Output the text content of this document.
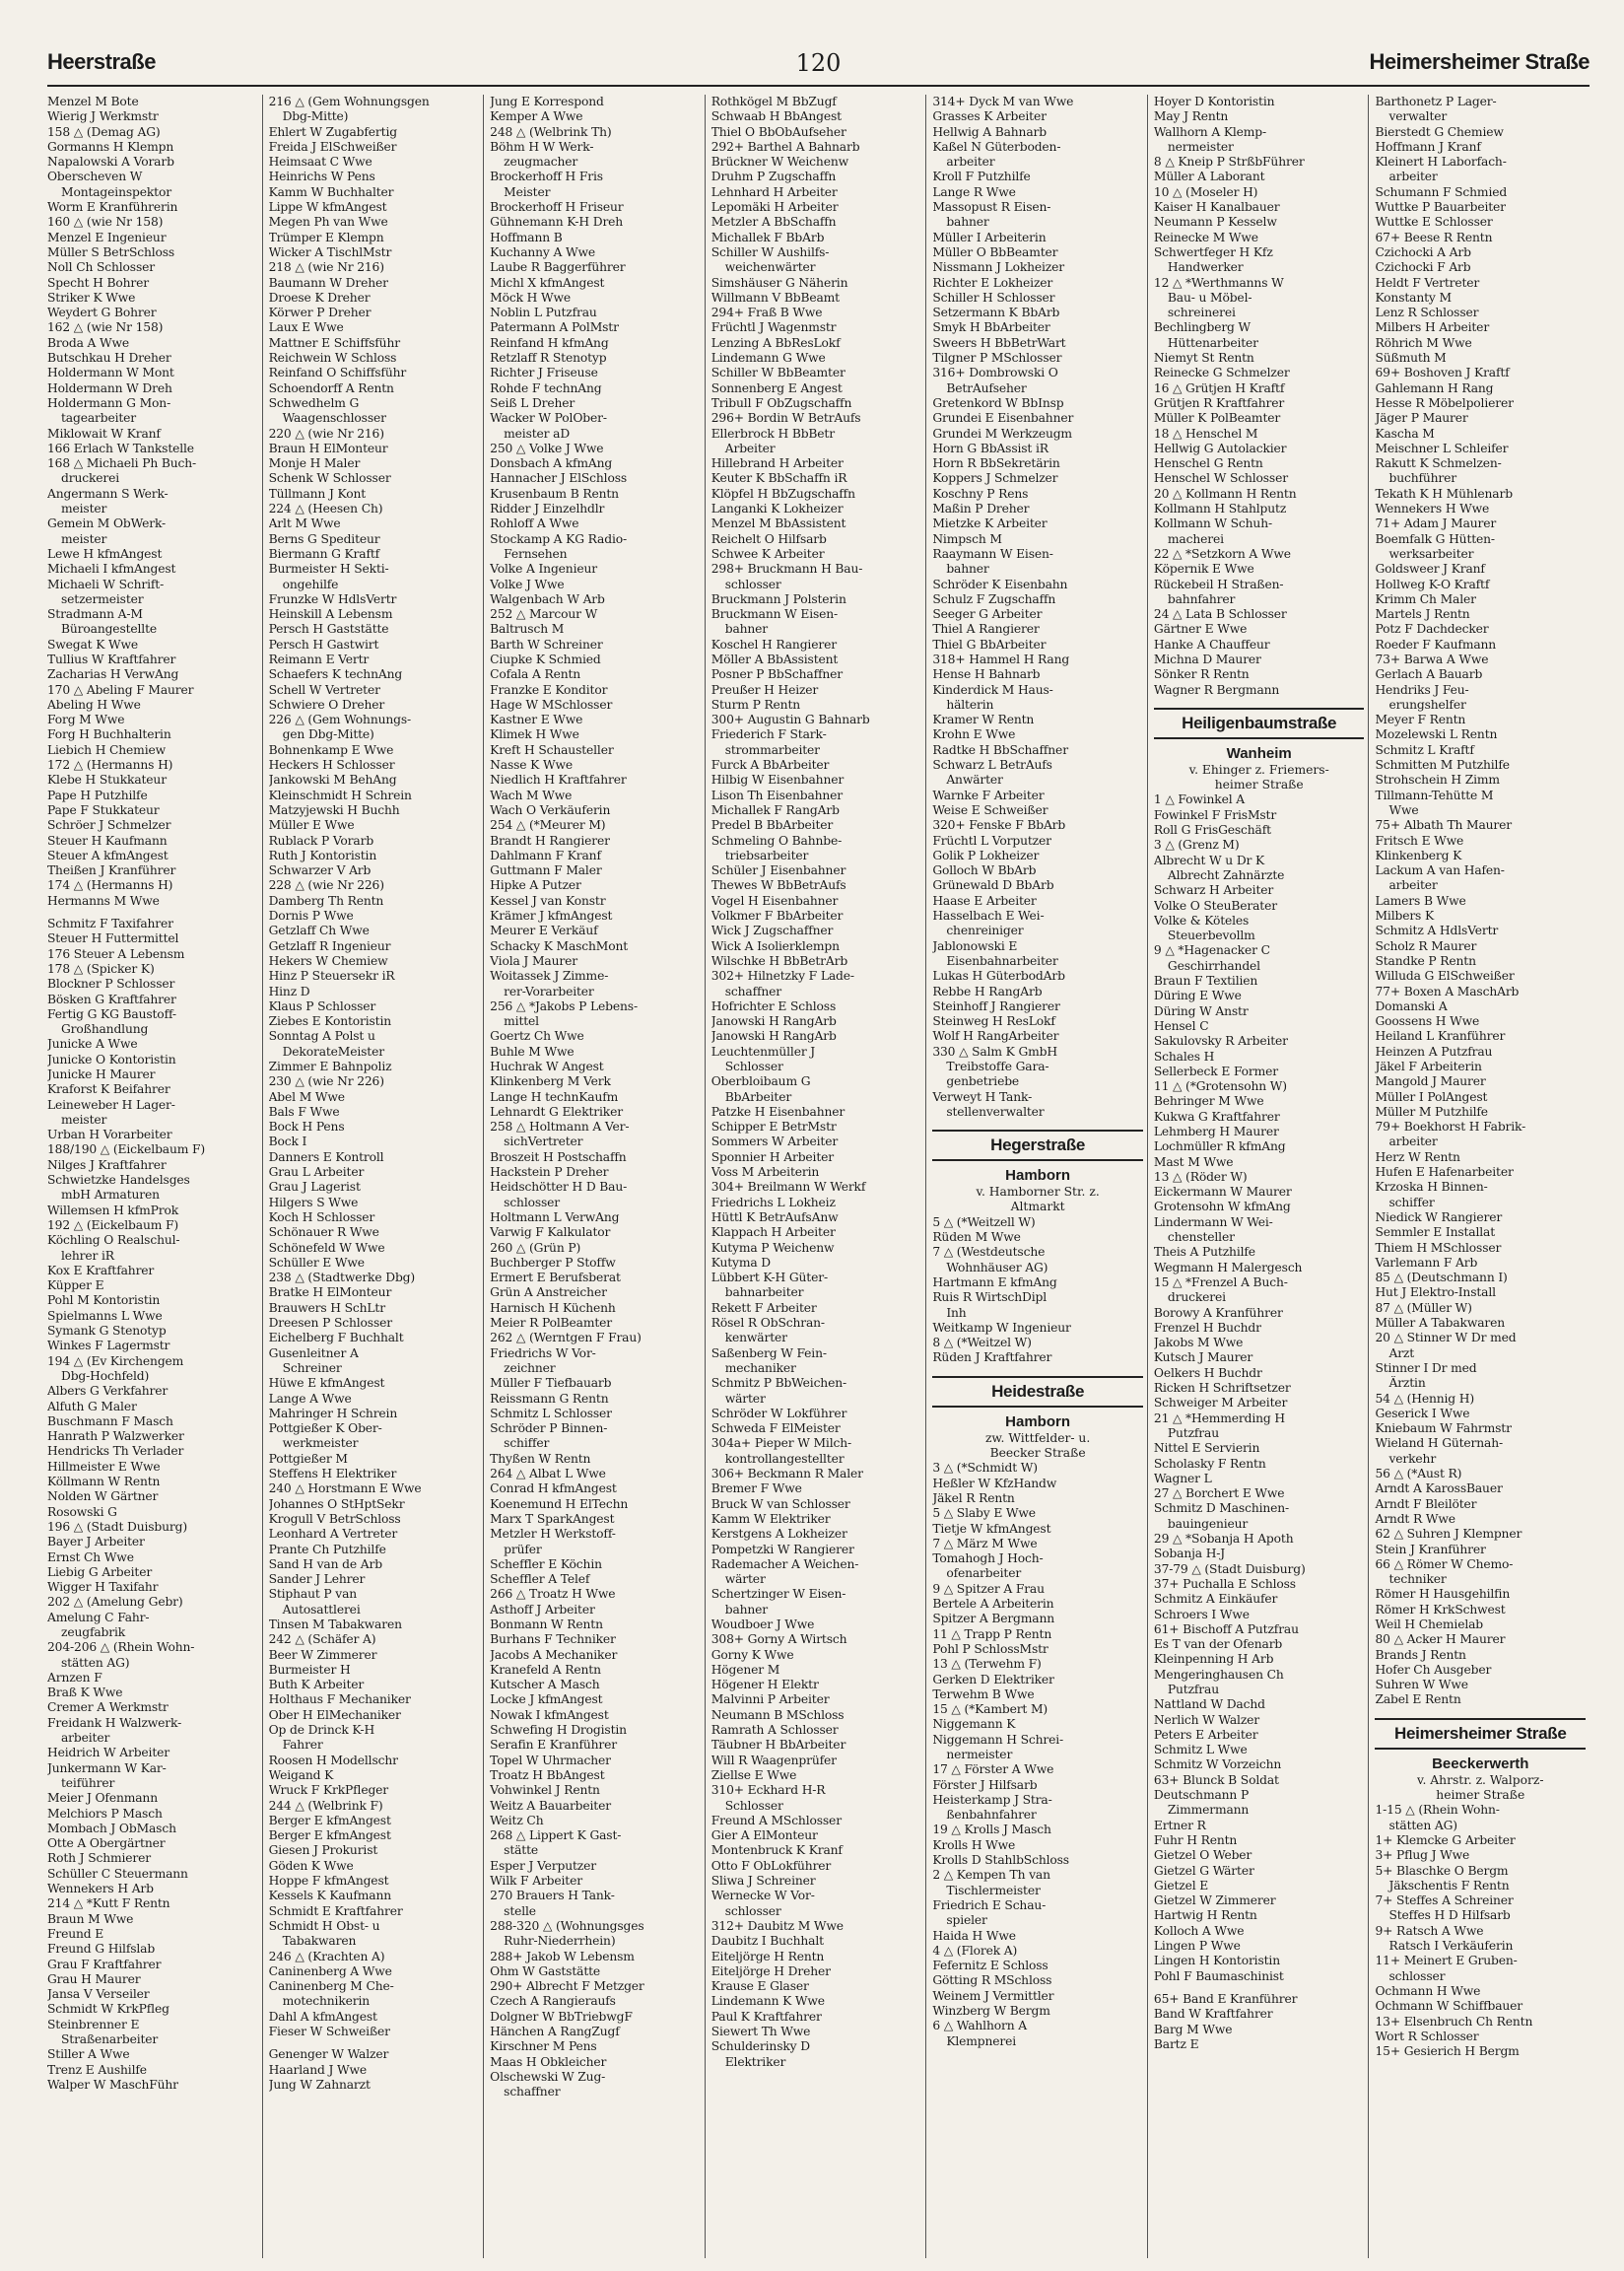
Heerstraße	120	Heimersheimer Straße
Menzel M Bote
Wierig J Werkmstr
158 △ (Demag AG)
Gormanns H Klempn
Napalowski A Vorarb
Oberscheven W
Montageinspektor
Worm E Kranführerin
160 △ (wie Nr 158)
Menzel E Ingenieur
Müller S BetrSchloss
Noll Ch Schlosser
Specht H Bohrer
Striker K Wwe
Weydert G Bohrer
162 △ (wie Nr 158)
Broda A Wwe
Butschkau H Dreher
Holdermann W Mont
Holdermann W Dreh
Holdermann G Mon-
tagearbeiter
Miklowait W Kranf
166 Erlach W Tankstelle
168 △ Michaeli Ph Buch-
druckerei
Angermann S Werk-
meister
Gemein M ObWerk-
meister
Lewe H kfmAngest
Michaeli I kfmAngest
Michaeli W Schrift-
setzermeister
Stradmann A-M
Büroangestellte
Swegat K Wwe
Tullius W Kraftfahrer
Zacharias H VerwAng
170 △ Abeling F Maurer
Abeling H Wwe
Forg M Wwe
Forg H Buchhalterin
Liebich H Chemiew
172 △ (Hermanns H)
Klebe H Stukkateur
Pape H Putzhilfe
Pape F Stukkateur
Schröer J Schmelzer
Steuer H Kaufmann
Steuer A kfmAngest
Theißen J Kranführer
174 △ (Hermanns H)
Hermanns M Wwe
Schmitz F Taxifahrer
Steuer H Futtermittel
176 Steuer A Lebensm
178 △ (Spicker K)
Blockner P Schlosser
Bösken G Kraftfahrer
Fertig G KG Baustoff-
Großhandlung
Junicke A Wwe
Junicke O Kontoristin
Junicke H Maurer
Kraforst K Beifahrer
Leineweber H Lager-
meister
Urban H Vorarbeiter
188/190 △ (Eickelbaum F)
Nilges J Kraftfahrer
Schwietzke Handelsges
mbH Armaturen
Willemsen H kfmProk
192 △ (Eickelbaum F)
Köchling O Realschul-
lehrer iR
Kox E Kraftfahrer
Küpper E
Pohl M Kontoristin
Spielmanns L Wwe
Symank G Stenotyp
Winkes F Lagermstr
194 △ (Ev Kirchengem
Dbg-Hochfeld)
Albers G Verkfahrer
Alfuth G Maler
Buschmann F Masch
Hanrath P Walzwerker
Hendricks Th Verlader
Hillmeister E Wwe
Köllmann W Rentn
Nolden W Gärtner
Rosowski G
196 △ (Stadt Duisburg)
Bayer J Arbeiter
Ernst Ch Wwe
Liebig G Arbeiter
Wigger H Taxifahr
202 △ (Amelung Gebr)
Amelung C Fahr-
zeugfabrik
204-206 △ (Rhein Wohn-
stätten AG)
Arnzen F
Braß K Wwe
Cremer A Werkmstr
Freidank H Walzwerk-
arbeiter
Heidrich W Arbeiter
Junkermann W Kar-
teiführer
Meier J Ofenmann
Melchiors P Masch
Mombach J ObMasch
Otte A Obergärtner
Roth J Schmierer
Schüller C Steuermann
Wennekers H Arb
214 △ *Kutt F Rentn
Braun M Wwe
Freund E
Freund G Hilfslab
Grau F Kraftfahrer
Grau H Maurer
Jansa V Verseiler
Schmidt W KrkPfleg
Steinbrenner E
Straßenarbeiter
Stiller A Wwe
Trenz E Aushilfe
Walper W MaschFühr
216 △ (Gem Wohnungsgen
Dbg-Mitte)
Ehlert W Zugabfertig
Freida J ElSchweißer
Heimsaat C Wwe
Heinrichs W Pens
Kamm W Buchhalter
Lippe W kfmAngest
Megen Ph van Wwe
Trümper E Klempn
Wicker A TischlMstr
218 △ (wie Nr 216)
Baumann W Dreher
Droese K Dreher
Körwer P Dreher
Laux E Wwe
Mattner E Schiffsführ
Reichwein W Schloss
Reinfand O Schiffsführ
Schoendorff A Rentn
Schwedhelm G
Waagenschlosser
220 △ (wie Nr 216)
Braun H ElMonteur
Monje H Maler
Schenk W Schlosser
Tüllmann J Kont
224 △ (Heesen Ch)
Arlt M Wwe
Berns G Spediteur
Biermann G Kraftf
Burmeister H Sekti-
ongehilfe
Frunzke W HdlsVertr
Heinskill A Lebensm
Persch H Gaststätte
Persch H Gastwirt
Reimann E Vertr
Schaefers K technAng
Schell W Vertreter
Schwiere O Dreher
226 △ (Gem Wohnungs-
gen Dbg-Mitte)
Bohnenkamp E Wwe
Heckers H Schlosser
Jankowski M BehAng
Kleinschmidt H Schrein
Matzyjewski H Buchh
Müller E Wwe
Rublack P Vorarb
Ruth J Kontoristin
Schwarzer V Arb
228 △ (wie Nr 226)
Damberg Th Rentn
Dornis P Wwe
Getzlaff Ch Wwe
Getzlaff R Ingenieur
Hekers W Chemiew
Hinz P Steuersekr iR
Hinz D
Klaus P Schlosser
Ziebes E Kontoristin
Sonntag A Polst u
DekorateMeister
Zimmer E Bahnpoliz
230 △ (wie Nr 226)
Abel M Wwe
Bals F Wwe
Bock H Pens
Bock I
Danners E Kontroll
Grau L Arbeiter
Grau J Lagerist
Hilgers S Wwe
Koch H Schlosser
Schönauer R Wwe
Schönefeld W Wwe
Schüller E Wwe
238 △ (Stadtwerke Dbg)
Bratke H ElMonteur
Brauwers H SchLtr
Dreesen P Schlosser
Eichelberg F Buchhalt
Gusenleitner A
Schreiner
Hüwe E kfmAngest
Lange A Wwe
Mahringer H Schrein
Pottgießer K Ober-
werkmeister
Pottgießer M
Steffens H Elektriker
240 △ Horstmann E Wwe
Johannes O StHptSekr
Krogull V BetrSchloss
Leonhard A Vertreter
Prante Ch Putzhilfe
Sand H van de Arb
Sander J Lehrer
Stiphaut P van
Autosattlerei
Tinsen M Tabakwaren
242 △ (Schäfer A)
Beer W Zimmerer
Burmeister H
Buth K Arbeiter
Holthaus F Mechaniker
Ober H ElMechaniker
Op de Drinck K-H
Fahrer
Roosen H Modellschr
Weigand K
Wruck F KrkPfleger
244 △ (Welbrink F)
Berger E kfmAngest
Berger E kfmAngest
Giesen J Prokurist
Göden K Wwe
Hoppe F kfmAngest
Kessels K Kaufmann
Schmidt E Kraftfahrer
Schmidt H Obst- u
Tabakwaren
246 △ (Krachten A)
Caninenberg A Wwe
Caninenberg M Che-
motechnikerin
Dahl A kfmAngest
Fieser W Schweißer
Genenger W Walzer
Haarland J Wwe
Jung W Zahnarzt
Jung E Korrespond
Kemper A Wwe
248 △ (Welbrink Th)
Böhm H W Werk-
zeugmacher
Brockerhoff H Fris
Meister
Brockerhoff H Friseur
Gühnemann K-H Dreh
Hoffmann B
Kuchanny A Wwe
Laube R Baggerführer
Michl X kfmAngest
Möck H Wwe
Noblin L Putzfrau
Patermann A PolMstr
Reinfand H kfmAng
Retzlaff R Stenotyp
Richter J Friseuse
Rohde F technAng
Seiß L Dreher
Wacker W PolOber-
meister aD
250 △ Volke J Wwe
Donsbach A kfmAng
Hannacher J ElSchloss
Krusenbaum B Rentn
Ridder J Einzelhdlr
Rohloff A Wwe
Stockamp A KG Radio-
Fernsehen
Volke A Ingenieur
Volke J Wwe
Walgenbach W Arb
252 △ Marcour W
Baltrusch M
Barth W Schreiner
Ciupke K Schmied
Cofala A Rentn
Franzke E Konditor
Hage W MSchlosser
Kastner E Wwe
Klimek H Wwe
Kreft H Schausteller
Nasse K Wwe
Niedlich H Kraftfahrer
Wach M Wwe
Wach O Verkäuferin
254 △ (*Meurer M)
Brandt H Rangierer
Dahlmann F Kranf
Guttmann F Maler
Hipke A Putzer
Kessel J van Konstr
Krämer J kfmAngest
Meurer E Verkäuf
Schacky K MaschMont
Viola J Maurer
Woitassek J Zimme-
rer-Vorarbeiter
256 △ *Jakobs P Lebens-
mittel
Goertz Ch Wwe
Buhle M Wwe
Huchrak W Angest
Klinkenberg M Verk
Lange H technKaufm
Lehnardt G Elektriker
258 △ Holtmann A Ver-
sichVertreter
Broszeit H Postschaffn
Hackstein P Dreher
Heidschötter H D Bau-
schlosser
Holtmann L VerwAng
Varwig F Kalkulator
260 △ (Grün P)
Buchberger P Stoffw
Ermert E Berufsberat
Grün A Anstreicher
Harnisch H Küchenh
Meier R PolBeamter
262 △ (Werntgen F Frau)
Friedrichs W Vor-
zeichner
Müller F Tiefbauarb
Reissmann G Rentn
Schmitz L Schlosser
Schröder P Binnen-
schiffer
Thyßen W Rentn
264 △ Albat L Wwe
Conrad H kfmAngest
Koenemund H ElTechn
Marx T SparkAngest
Metzler H Werkstoff-
prüfer
Scheffler E Köchin
Scheffler A Telef
266 △ Troatz H Wwe
Asthoff J Arbeiter
Bonmann W Rentn
Burhans F Techniker
Jacobs A Mechaniker
Kranefeld A Rentn
Kutscher A Masch
Locke J kfmAngest
Nowak I kfmAngest
Schwefing H Drogistin
Serafin E Kranführer
Topel W Uhrmacher
Troatz H BbAngest
Vohwinkel J Rentn
Weitz A Bauarbeiter
Weitz Ch
268 △ Lippert K Gast-
stätte
Esper J Verputzer
Wilk F Arbeiter
270 Brauers H Tank-
stelle
288-320 △ (Wohnungsges
Ruhr-Niederrhein)
288+ Jakob W Lebensm
Ohm W Gaststätte
290+ Albrecht F Metzger
Czech A Rangieraufs
Dolgner W BbTriebwgF
Hänchen A RangZugf
Kirschner M Pens
Maas H Obkleicher
Olschewski W Zug-
schaffner
Rothkögel M BbZugf
Schwaab H BbAngest
Thiel O BbObAufseher
292+ Barthel A Bahnarb
Brückner W Weichenw
Druhm P Zugschaffn
Lehnhard H Arbeiter
Lepomäki H Arbeiter
Metzler A BbSchaffn
Michallek F BbArb
Schiller W Aushilfs-
weichenwärter
Simshäuser G Näherin
Willmann V BbBeamt
294+ Fraß B Wwe
Früchtl J Wagenmstr
Lenzing A BbResLokf
Lindemann G Wwe
Schiller W BbBeamter
Sonnenberg E Angest
Tribull F ObZugschaffn
296+ Bordin W BetrAufs
Ellerbrock H BbBetr
Arbeiter
Hillebrand H Arbeiter
Keuter K BbSchaffn iR
Klöpfel H BbZugschaffn
Langanki K Lokheizer
Menzel M BbAssistent
Reichelt O Hilfsarb
Schwee K Arbeiter
298+ Bruckmann H Bau-
schlosser
Bruckmann J Polsterin
Bruckmann W Eisen-
bahner
Koschel H Rangierer
Möller A BbAssistent
Posner P BbSchaffner
Preußer H Heizer
Sturm P Rentn
300+ Augustin G Bahnarb
Friederich F Stark-
strommarbeiter
Furck A BbArbeiter
Hilbig W Eisenbahner
Lison Th Eisenbahner
Michallek F RangArb
Predel B BbArbeiter
Schmeling O Bahnbe-
triebsarbeiter
Schüler J Eisenbahner
Thewes W BbBetrAufs
Vogel H Eisenbahner
Volkmer F BbArbeiter
Wick J Zugschaffner
Wick A Isolierklempn
Wilschke H BbBetrArb
302+ Hilnetzky F Lade-
schaffner
Hofrichter E Schloss
Janowski H RangArb
Janowski H RangArb
Leuchtenmüller J
Schlosser
Oberbloibaum G
BbArbeiter
Patzke H Eisenbahner
Schipper E BetrMstr
Sommers W Arbeiter
Sponnier H Arbeiter
Voss M Arbeiterin
304+ Breilmann W Werkf
Friedrichs L Lokheiz
Hüttl K BetrAufsAnw
Klappach H Arbeiter
Kutyma P Weichenw
Kutyma D
Lübbert K-H Güter-
bahnarbeiter
Rekett F Arbeiter
Rösel R ObSchran-
kenwärter
Saßenberg W Fein-
mechaniker
Schmitz P BbWeichen-
wärter
Schröder W Lokführer
Schweda F ElMeister
304a+ Pieper W Milch-
kontrollangestellter
306+ Beckmann R Maler
Bremer F Wwe
Bruck W van Schlosser
Kamm W Elektriker
Kerstgens A Lokheizer
Pompetzki W Rangierer
Rademacher A Weichen-
wärter
Schertzinger W Eisen-
bahner
Woudboer J Wwe
308+ Gorny A Wirtsch
Gorny K Wwe
Högener M
Högener H Elektr
Malvinni P Arbeiter
Neumann B MSchloss
Ramrath A Schlosser
Täubner H BbArbeiter
Will R Waagenprüfer
Ziellse E Wwe
310+ Eckhard H-R
Schlosser
Freund A MSchlosser
Gier A ElMonteur
Montenbruck K Kranf
Otto F ObLokführer
Sliwa J Schreiner
Wernecke W Vor-
schlosser
312+ Daubitz M Wwe
Daubitz I Buchhalt
Eiteljörge H Rentn
Eiteljörge H Dreher
Krause E Glaser
Lindemann K Wwe
Paul K Kraftfahrer
Siewert Th Wwe
Schulderinsky D
Elektriker
314+ Dyck M van Wwe
Grasses K Arbeiter
Hellwig A Bahnarb
Kaßel N Güterboden-
arbeiter
Kroll F Putzhilfe
Lange R Wwe
Massopust R Eisen-
bahner
Müller I Arbeiterin
Müller O BbBeamter
Nissmann J Lokheizer
Richter E Lokheizer
Schiller H Schlosser
Setzermann K BbArb
Smyk H BbArbeiter
Sweers H BbBetrWart
Tilgner P MSchlosser
316+ Dombrowski O
BetrAufseher
Gretenkord W BbInsp
Grundei E Eisenbahner
Grundei M Werkzeugm
Horn G BbAssist iR
Horn R BbSekretärin
Koppers J Schmelzer
Koschny P Rens
Maßin P Dreher
Mietzke K Arbeiter
Nimpsch M
Raaymann W Eisen-
bahner
Schröder K Eisenbahn
Schulz F Zugschaffn
Seeger G Arbeiter
Thiel A Rangierer
Thiel G BbArbeiter
318+ Hammel H Rang
Hense H Bahnarb
Kinderdick M Haus-
hälterin
Kramer W Rentn
Krohn E Wwe
Radtke H BbSchaffner
Schwarz L BetrAufs
Anwärter
Warnke F Arbeiter
Weise E Schweißer
320+ Fenske F BbArb
Früchtl L Vorputzer
Golik P Lokheizer
Golloch W BbArb
Grünewald D BbArb
Haase E Arbeiter
Hasselbach E Wei-
chenreiniger
Jablonowski E
Eisenbahnarbeiter
Lukas H GüterbodArb
Rebbe H RangArb
Steinhoff J Rangierer
Steinweg H ResLokf
Wolf H RangArbeiter
330 △ Salm K GmbH
Treibstoffe Gara-
genbetriebe
Verweyt H Tank-
stellenverwalter
Hegerstraße
Hamborn
v. Hamborner Str. z.
Altmarkt
5 △ (*Weitzell W)
Rüden M Wwe
7 △ (Westdeutsche
Wohnhäuser AG)
Hartmann E kfmAng
Ruis R WirtschDipl
Inh
Weitkamp W Ingenieur
8 △ (*Weitzel W)
Rüden J Kraftfahrer
Heidestraße
Hamborn
zw. Wittfelder- u.
Beecker Straße
3 △ (*Schmidt W)
Heßler W KfzHandw
Jäkel R Rentn
5 △ Slaby E Wwe
Tietje W kfmAngest
7 △ März M Wwe
Tomahogh J Hoch-
ofenarbeiter
9 △ Spitzer A Frau
Bertele A Arbeiterin
Spitzer A Bergmann
11 △ Trapp P Rentn
Pohl P SchlossMstr
13 △ (Terwehm F)
Gerken D Elektriker
Terwehm B Wwe
15 △ (*Kambert M)
Niggemann K
Niggemann H Schrei-
nermeister
17 △ Förster A Wwe
Förster J Hilfsarb
Heisterkamp J Stra-
ßenbahnfahrer
19 △ Krolls J Masch
Krolls H Wwe
Krolls D StahlbSchloss
2 △ Kempen Th van
Tischlermeister
Friedrich E Schau-
spieler
Haida H Wwe
4 △ (Florek A)
Fefernitz E Schloss
Götting R MSchloss
Weinem J Vermittler
Winzberg W Bergm
6 △ Wahlhorn A
Klempnerei
Hoyer D Kontoristin
May J Rentn
Wallhorn A Klemp-
nermeister
8 △ Kneip P StrßbFührer
Müller A Laborant
10 △ (Moseler H)
Kaiser H Kanalbauer
Neumann P Kesselw
Reinecke M Wwe
Schwertfeger H Kfz
Handwerker
12 △ *Werthmanns W
Bau- u Möbel-
schreinerei
Bechlingberg W
Hüttenarbeiter
Niemyt St Rentn
Reinecke G Schmelzer
16 △ Grütjen H Kraftf
Grütjen R Kraftfahrer
Müller K PolBeamter
18 △ Henschel M
Hellwig G Autolackier
Henschel G Rentn
Henschel W Schlosser
20 △ Kollmann H Rentn
Kollmann H Stahlputz
Kollmann W Schuh-
macherei
22 △ *Setzkorn A Wwe
Köpernik E Wwe
Rückebeil H Straßen-
bahnfahrer
24 △ Lata B Schlosser
Gärtner E Wwe
Hanke A Chauffeur
Michna D Maurer
Sönker R Rentn
Wagner R Bergmann
Heiligenbaumstraße
Wanheim
v. Ehinger z. Friemers-
heimer Straße
1 △ Fowinkel A
Fowinkel F FrisMstr
Roll G FrisGeschäft
3 △ (Grenz M)
Albrecht W u Dr K
Albrecht Zahnärzte
Schwarz H Arbeiter
Volke O SteuBerater
Volke & Köteles
Steuerbevollm
9 △ *Hagenacker C
Geschirrhandel
Braun F Textilien
Düring E Wwe
Düring W Anstr
Hensel C
Sakulovsky R Arbeiter
Schales H
Sellerbeck E Former
11 △ (*Grotensohn W)
Behringer M Wwe
Kukwa G Kraftfahrer
Lehmberg H Maurer
Lochmüller R kfmAng
Mast M Wwe
13 △ (Röder W)
Eickermann W Maurer
Grotensohn W kfmAng
Lindermann W Wei-
chensteller
Theis A Putzhilfe
Wegmann H Malergesch
15 △ *Frenzel A Buch-
druckerei
Borowy A Kranführer
Frenzel H Buchdr
Jakobs M Wwe
Kutsch J Maurer
Oelkers H Buchdr
Ricken H Schriftsetzer
Schweiger M Arbeiter
21 △ *Hemmerding H
Putzfrau
Nittel E Servierin
Scholasky F Rentn
Wagner L
27 △ Borchert E Wwe
Schmitz D Maschinen-
bauingenieur
29 △ *Sobanja H Apoth
Sobanja H-J
37-79 △ (Stadt Duisburg)
37+ Puchalla E Schloss
Schmitz A Einkäufer
Schroers I Wwe
61+ Bischoff A Putzfrau
Es T van der Ofenarb
Kleinpenning H Arb
Mengeringhausen Ch
Putzfrau
Nattland W Dachd
Nerlich W Walzer
Peters E Arbeiter
Schmitz L Wwe
Schmitz W Vorzeichn
63+ Blunck B Soldat
Deutschmann P
Zimmermann
Ertner R
Fuhr H Rentn
Gietzel O Weber
Gietzel G Wärter
Gietzel E
Gietzel W Zimmerer
Hartwig H Rentn
Kolloch A Wwe
Lingen P Wwe
Lingen H Kontoristin
Pohl F Baumaschinist
65+ Band E Kranführer
Band W Kraftfahrer
Barg M Wwe
Bartz E
Barthonetz P Lager-
verwalter
Bierstedt G Chemiew
Hoffmann J Kranf
Kleinert H Laborfach-
arbeiter
Schumann F Schmied
Wuttke P Bauarbeiter
Wuttke E Schlosser
67+ Beese R Rentn
Czichocki A Arb
Czichocki F Arb
Heldt F Vertreter
Konstanty M
Lenz R Schlosser
Milbers H Arbeiter
Röhrich M Wwe
Süßmuth M
69+ Boshoven J Kraftf
Gahlemann H Rang
Hesse R Möbelpolierer
Jäger P Maurer
Kascha M
Meischner L Schleifer
Rakutt K Schmelzen-
buchführer
Tekath K H Mühlenarb
Wennekers H Wwe
71+ Adam J Maurer
Boemfalk G Hütten-
werksarbeiter
Goldsweer J Kranf
Hollweg K-O Kraftf
Krimm Ch Maler
Martels J Rentn
Potz F Dachdecker
Roeder F Kaufmann
73+ Barwa A Wwe
Gerlach A Bauarb
Hendriks J Feu-
erungshelfer
Meyer F Rentn
Mozelewski L Rentn
Schmitz L Kraftf
Schmitten M Putzhilfe
Strohschein H Zimm
Tillmann-Tehütte M
Wwe
75+ Albath Th Maurer
Fritsch E Wwe
Klinkenberg K
Lackum A van Hafen-
arbeiter
Lamers B Wwe
Milbers K
Schmitz A HdlsVertr
Scholz R Maurer
Standke P Rentn
Willuda G ElSchweißer
77+ Boxen A MaschArb
Domanski A
Goossens H Wwe
Heiland L Kranführer
Heinzen A Putzfrau
Jäkel F Arbeiterin
Mangold J Maurer
Müller I PolAngest
Müller M Putzhilfe
79+ Boekhorst H Fabrik-
arbeiter
Herz W Rentn
Hufen E Hafenarbeiter
Krzoska H Binnen-
schiffer
Niedick W Rangierer
Semmler E Installat
Thiem H MSchlosser
Varlemann F Arb
85 △ (Deutschmann I)
Hut J Elektro-Install
87 △ (Müller W)
Müller A Tabakwaren
20 △ Stinner W Dr med
Arzt
Stinner I Dr med
Ärztin
54 △ (Hennig H)
Geserick I Wwe
Kniebaum W Fahrmstr
Wieland H Güternah-
verkehr
56 △ (*Aust R)
Arndt A KarossBauer
Arndt F Bleilöter
Arndt R Wwe
62 △ Suhren J Klempner
Stein J Kranführer
66 △ Römer W Chemo-
techniker
Römer H Hausgehilfin
Römer H KrkSchwest
Weil H Chemielab
80 △ Acker H Maurer
Brands J Rentn
Hofer Ch Ausgeber
Suhren W Wwe
Zabel E Rentn
Heimersheimer Straße
Beeckerwerth
v. Ahrstr. z. Walporz-
heimer Straße
1-15 △ (Rhein Wohn-
stätten AG)
1+ Klemcke G Arbeiter
3+ Pflug J Wwe
5+ Blaschke O Bergm
Jäkschentis F Rentn
7+ Steffes A Schreiner
Steffes H D Hilfsarb
9+ Ratsch A Wwe
Ratsch I Verkäuferin
11+ Meinert E Gruben-
schlosser
Ochmann H Wwe
Ochmann W Schiffbauer
13+ Elsenbruch Ch Rentn
Wort R Schlosser
15+ Gesierich H Bergm
